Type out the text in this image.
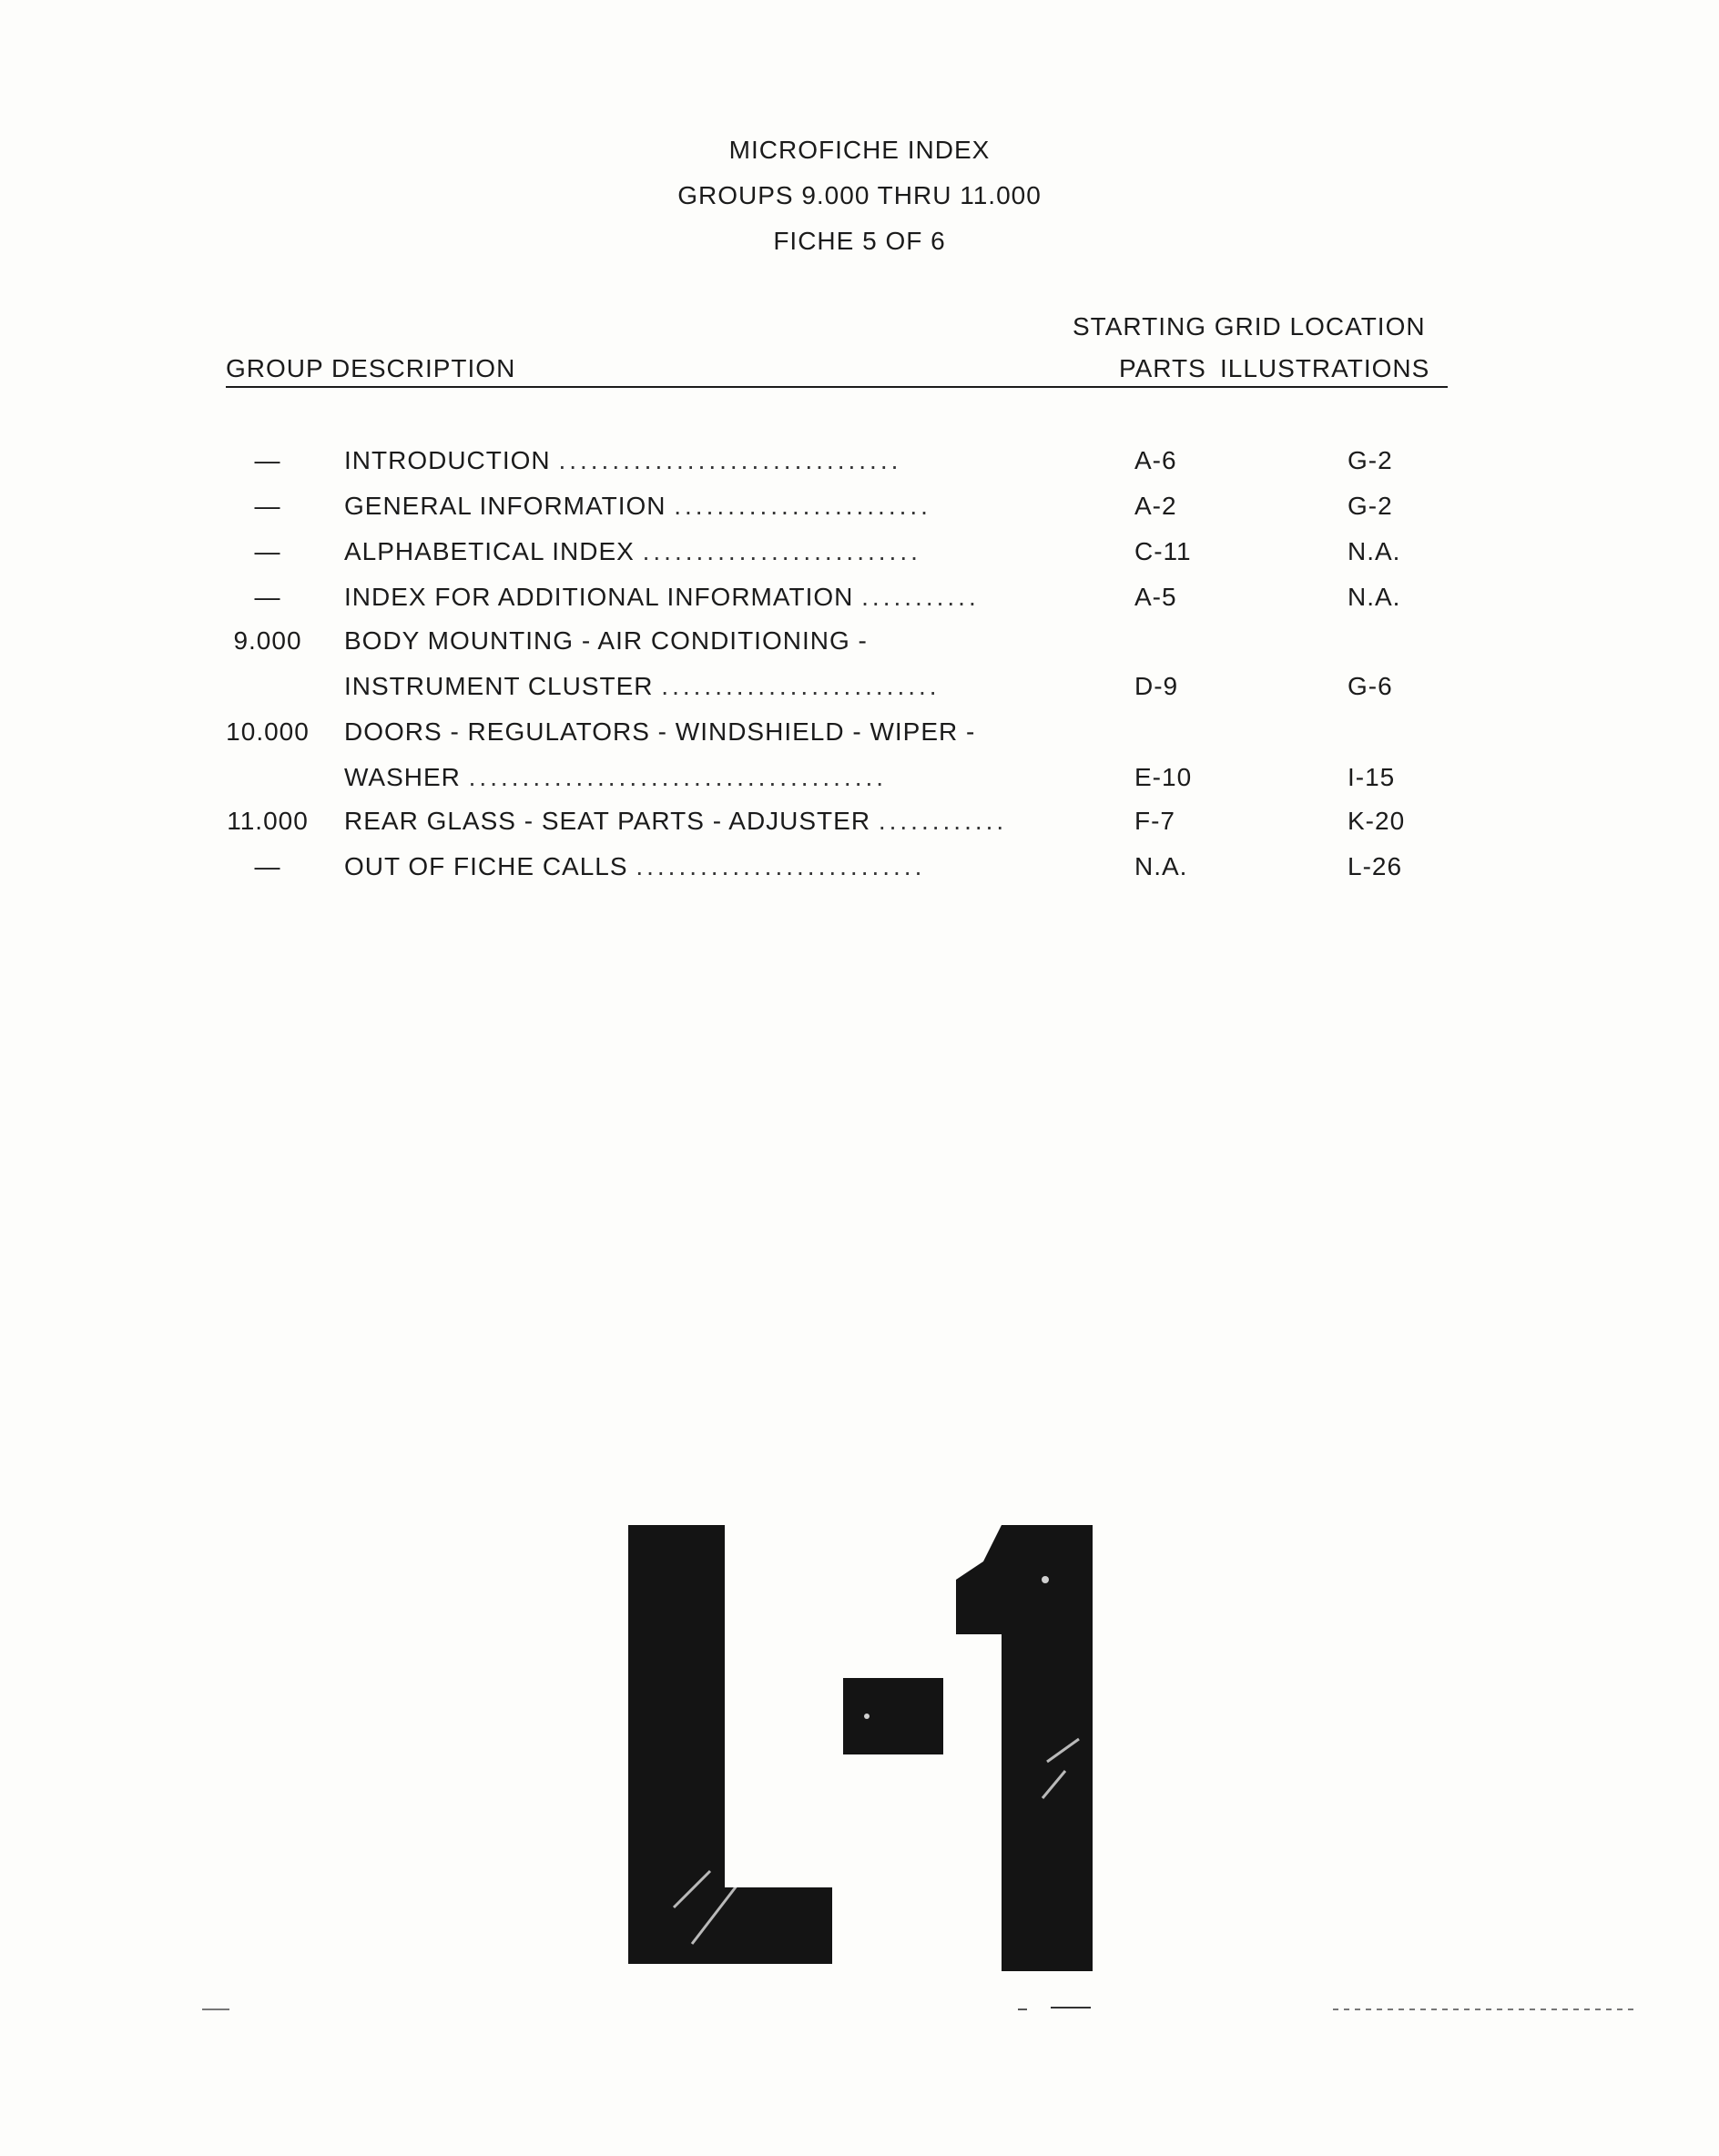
MICROFICHE INDEX
GROUPS 9.000 THRU 11.000
FICHE 5 OF 6
STARTING GRID LOCATION
GROUP DESCRIPTION	PARTS ILLUSTRATIONS
—	INTRODUCTION ................................	A-6	G-2
—	GENERAL INFORMATION ........................	A-2	G-2
—	ALPHABETICAL INDEX ..........................	C-11	N.A.
—	INDEX FOR ADDITIONAL INFORMATION ...........	A-5	N.A.
9.000	BODY MOUNTING - AIR CONDITIONING -
INSTRUMENT CLUSTER ..........................	D-9	G-6
10.000 DOORS - REGULATORS - WINDSHIELD - WIPER -
WASHER .......................................	E-10	I-15
11.000 REAR GLASS - SEAT PARTS - ADJUSTER ............	F-7	K-20
—	OUT OF FICHE CALLS ...........................	N.A.	L-26
